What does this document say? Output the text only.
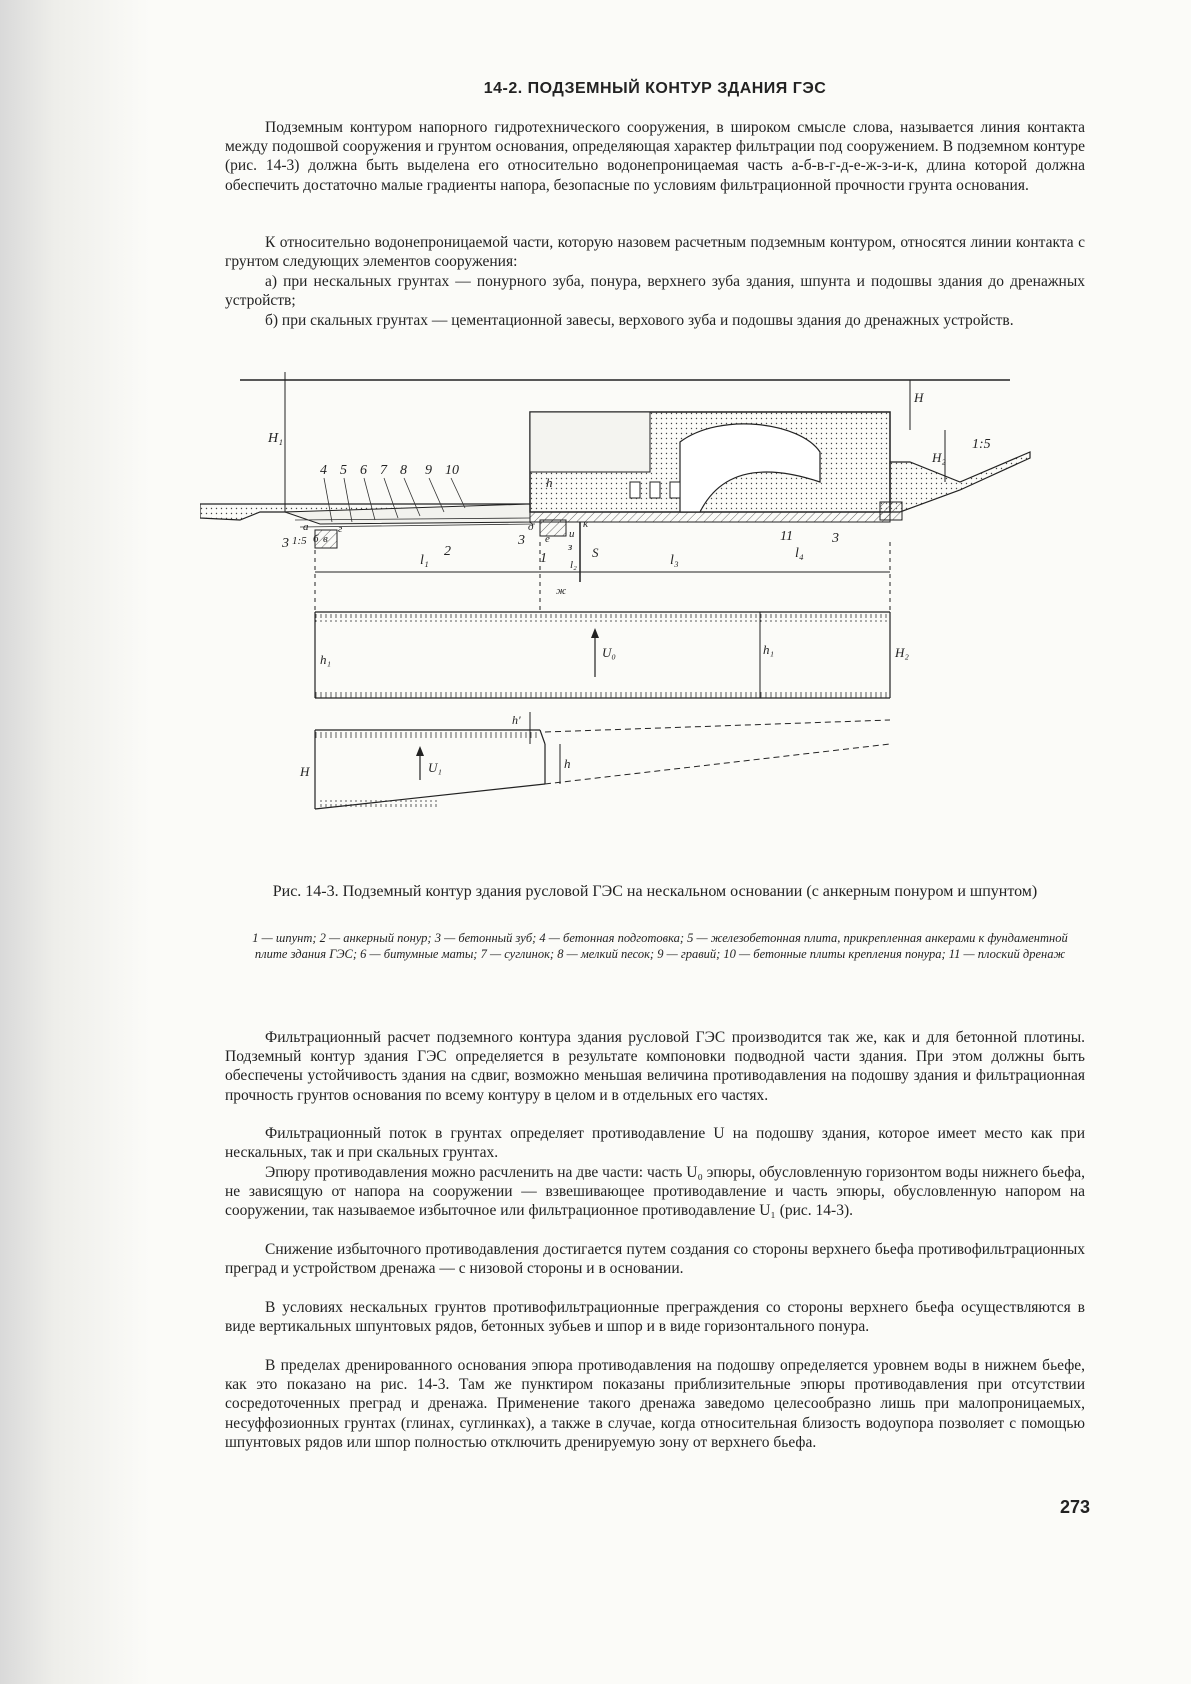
14-2. ПОДЗЕМНЫЙ КОНТУР ЗДАНИЯ ГЭС

Подземным контуром напорного гидротехнического сооружения, в широком смысле слова, называется линия контакта между подошвой сооружения и грунтом основания, определяющая характер фильтрации под сооружением. В подземном контуре (рис. 14-3) должна быть выделена его относительно водонепроницаемая часть а-б-в-г-д-е-ж-з-и-к, длина которой должна обеспечить достаточно малые градиенты напора, безопасные по условиям фильтрационной прочности грунта основания.

К относительно водонепроницаемой части, которую назовем расчетным подземным контуром, относятся линии контакта с грунтом следующих элементов сооружения:

а) при нескальных грунтах — понурного зуба, понура, верхнего зуба здания, шпунта и подошвы здания до дренажных устройств;

б) при скальных грунтах — цементационной завесы, верхового зуба и подошвы здания до дренажных устройств.

H₁
1:5
4 5 6 7 8 9 10
H
H₂
1:5
а
б в
г	д
е и
к
з
ж
3	3	3
1
2
11
h
S
l₁	l₂	l₃	l₄
h₁	U₀	h₁	H₂
h'
H	U₁	h
Рис. 14-3. Подземный контур здания русловой ГЭС на нескальном основании (с анкерным понуром и шпунтом)
1 — шпунт; 2 — анкерный понур; 3 — бетонный зуб; 4 — бетонная подготовка; 5 — железобетонная плита, прикрепленная анкерами к фундаментной плите здания ГЭС; 6 — битумные маты; 7 — суглинок; 8 — мелкий песок; 9 — гравий; 10 — бетонные плиты крепления понура; 11 — плоский дренаж

Фильтрационный расчет подземного контура здания русловой ГЭС производится так же, как и для бетонной плотины. Подземный контур здания ГЭС определяется в результате компоновки подводной части здания. При этом должны быть обеспечены устойчивость здания на сдвиг, возможно меньшая величина противодавления на подошву здания и фильтрационная прочность грунтов основания по всему контуру в целом и в отдельных его частях.

Фильтрационный поток в грунтах определяет противодавление U на подошву здания, которое имеет место как при нескальных, так и при скальных грунтах.

Эпюру противодавления можно расчленить на две части: часть U₀ эпюры, обусловленную горизонтом воды нижнего бьефа, не зависящую от напора на сооружении — взвешивающее противодавление и часть эпюры, обусловленную напором на сооружении, так называемое избыточное или фильтрационное противодавление U₁ (рис. 14-3).

Снижение избыточного противодавления достигается путем создания со стороны верхнего бьефа противофильтрационных преград и устройством дренажа — с низовой стороны и в основании.

В условиях нескальных грунтов противофильтрационные преграждения со стороны верхнего бьефа осуществляются в виде вертикальных шпунтовых рядов, бетонных зубьев и шпор и в виде горизонтального понура.

В пределах дренированного основания эпюра противодавления на подошву определяется уровнем воды в нижнем бьефе, как это показано на рис. 14-3. Там же пунктиром показаны приблизительные эпюры противодавления при отсутствии сосредоточенных преград и дренажа. Применение такого дренажа заведомо целесообразно лишь при малопроницаемых, несуффозионных грунтах (глинах, суглинках), а также в случае, когда относительная близость водоупора позволяет с помощью шпунтовых рядов или шпор полностью отключить дренируемую зону от верхнего бьефа.

273
